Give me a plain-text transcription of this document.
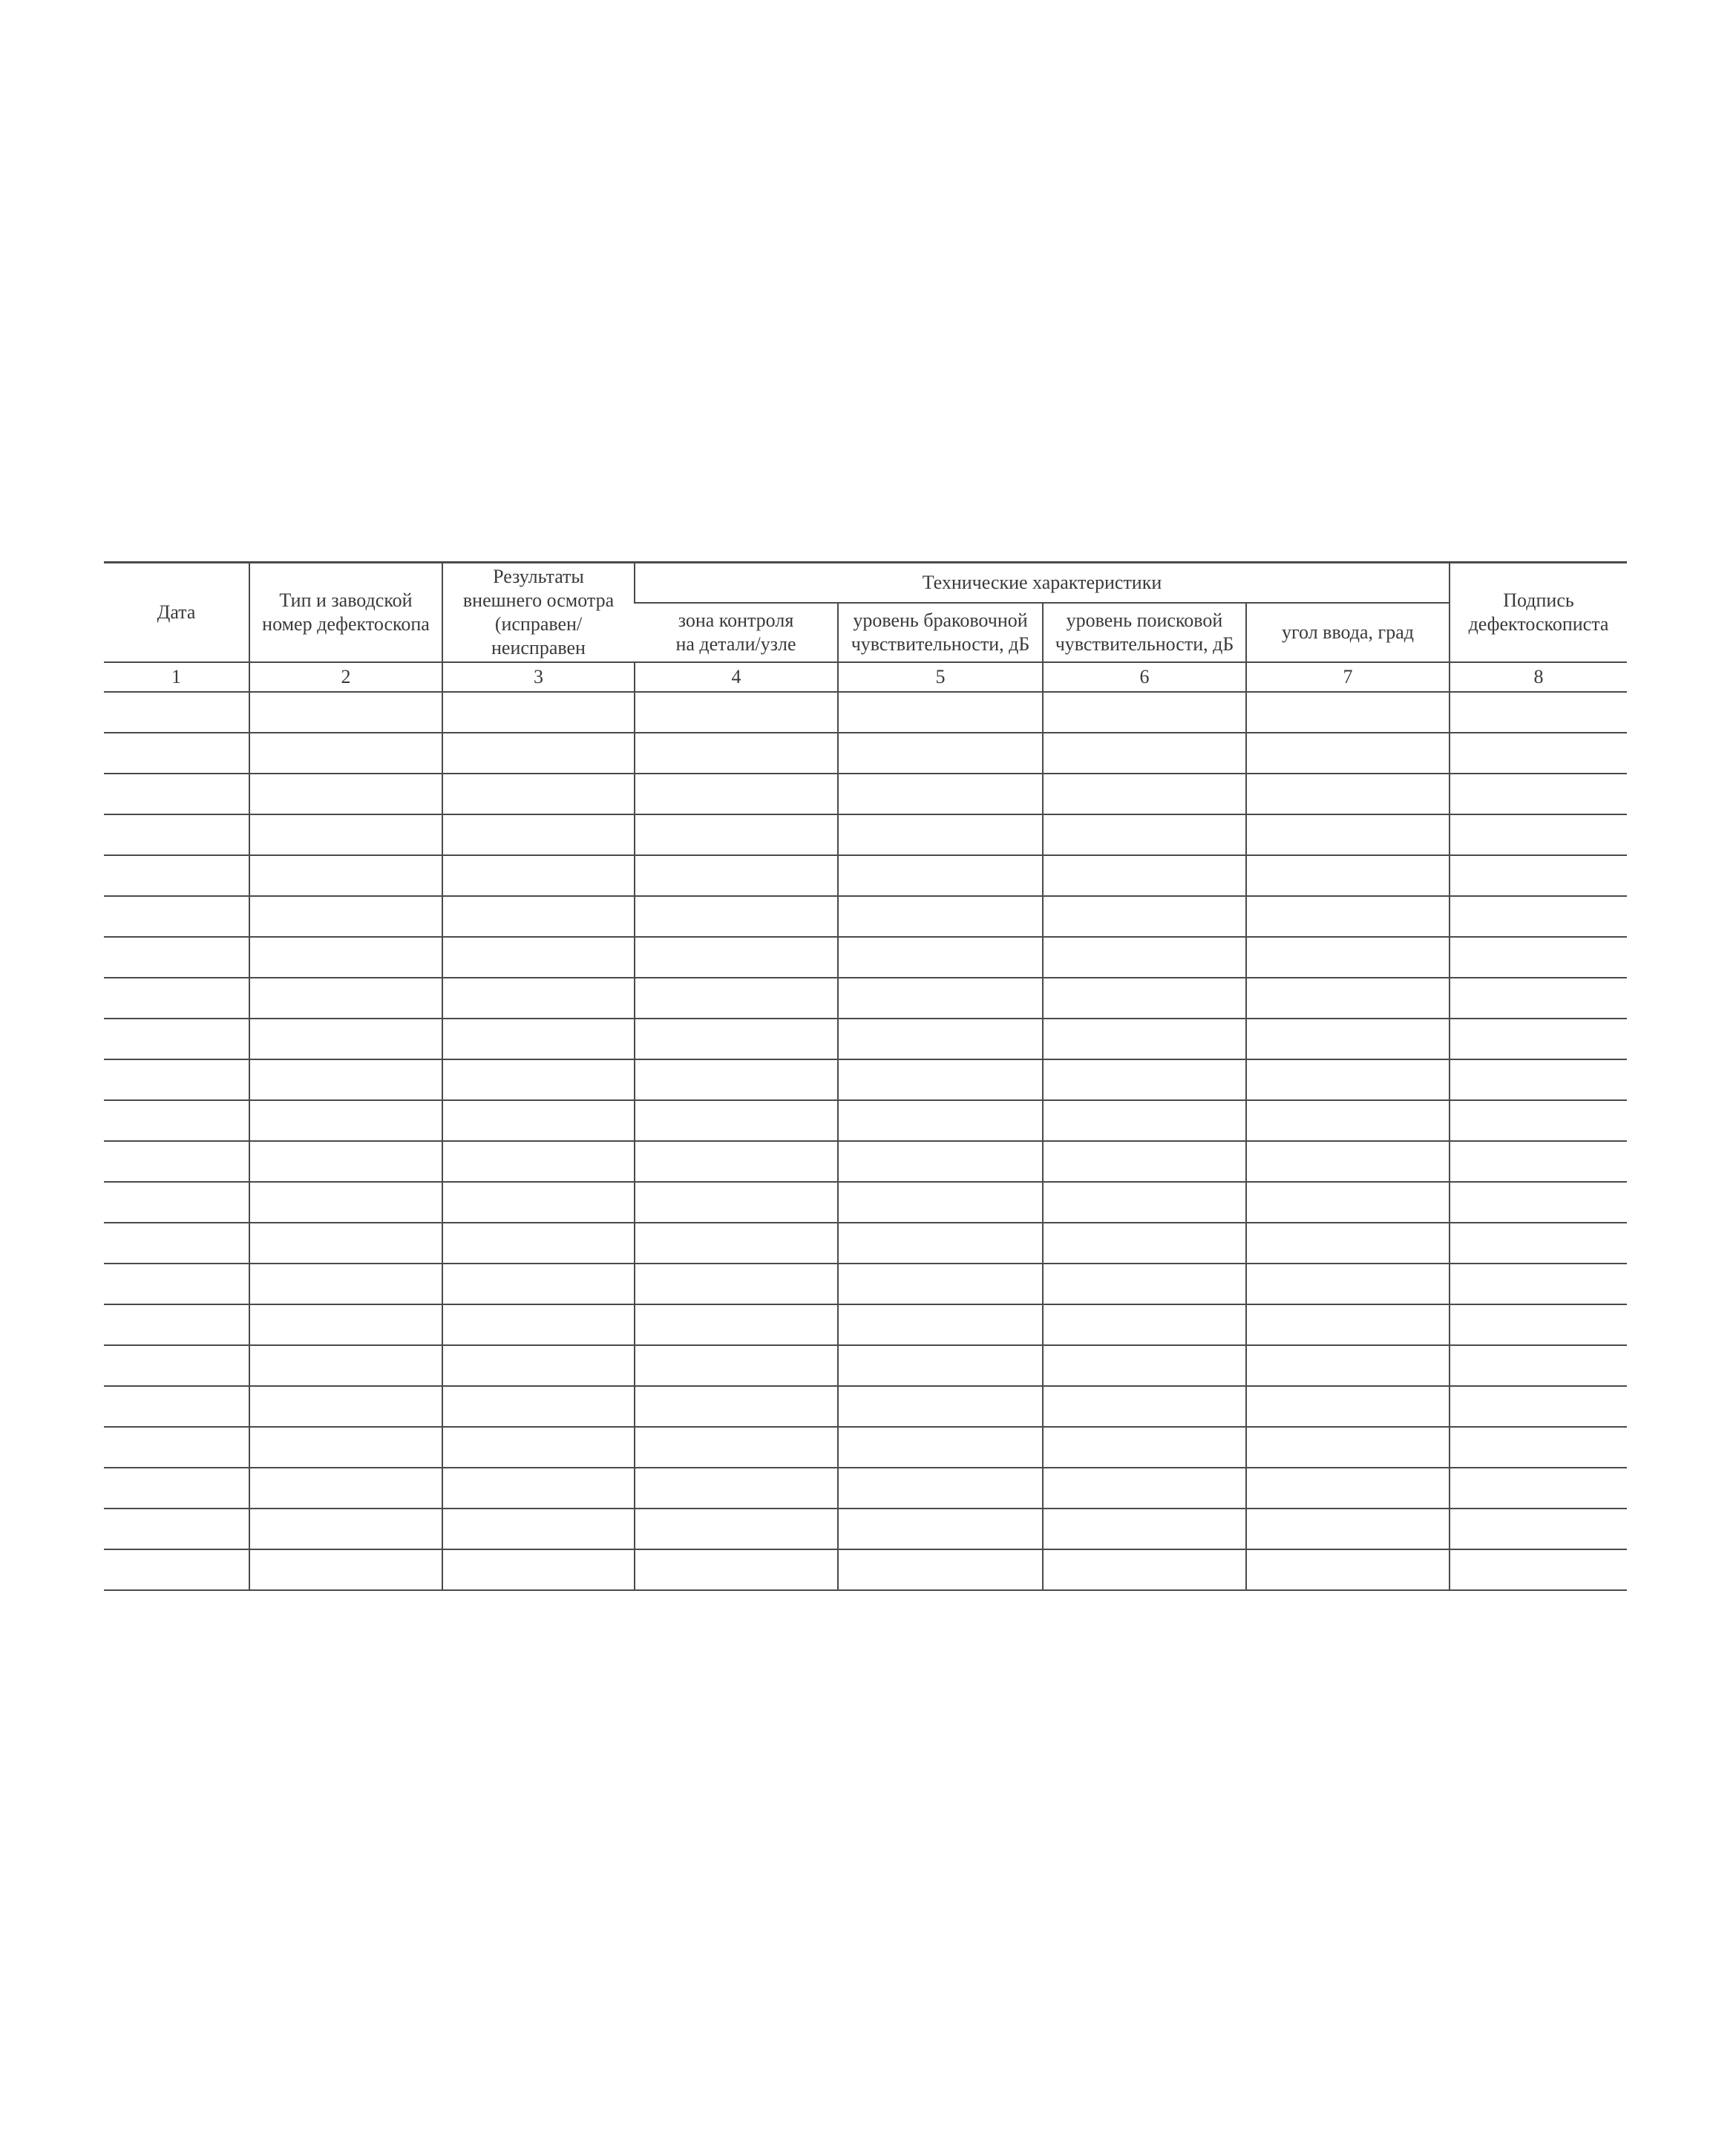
Дата	Тип и заводской
номер дефектоскопа	Результаты
внешнего осмотра
(исправен/
неисправен	Технические характеристики				Подпись
дефектоскописта

			зона контроля
на детали/узле	уровень браковочной
чувствительности, дБ	уровень поисковой
чувствительности, дБ	угол ввода, град	

1	2	3	4	5	6	7	8
